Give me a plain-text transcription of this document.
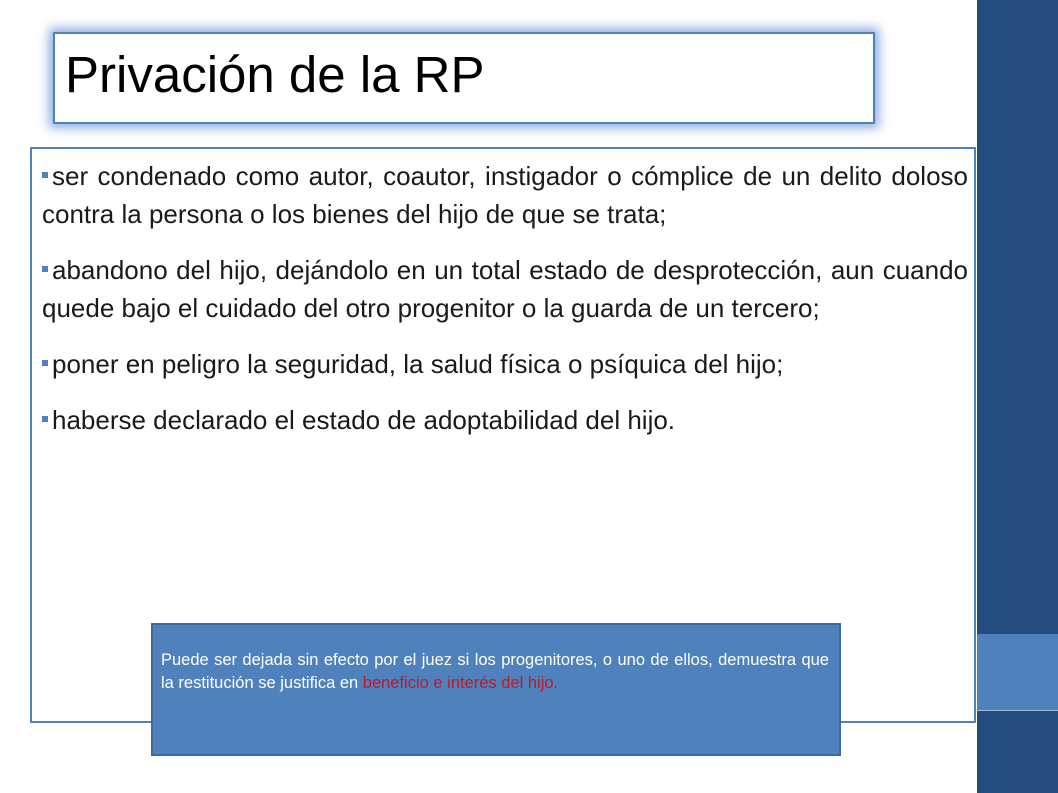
Privación de la RP
ser condenado como autor, coautor, instigador o cómplice de un delito doloso contra la persona o los bienes del hijo de que se trata;
abandono del hijo, dejándolo en un total estado de desprotección, aun cuando quede bajo el cuidado del otro progenitor o la guarda de un tercero;
poner en peligro la seguridad, la salud física o psíquica del hijo;
haberse declarado el estado de adoptabilidad del hijo.

Puede ser dejada sin efecto por el juez si los progenitores, o uno de ellos, demuestra que la restitución se justifica en beneficio e interés del hijo.
